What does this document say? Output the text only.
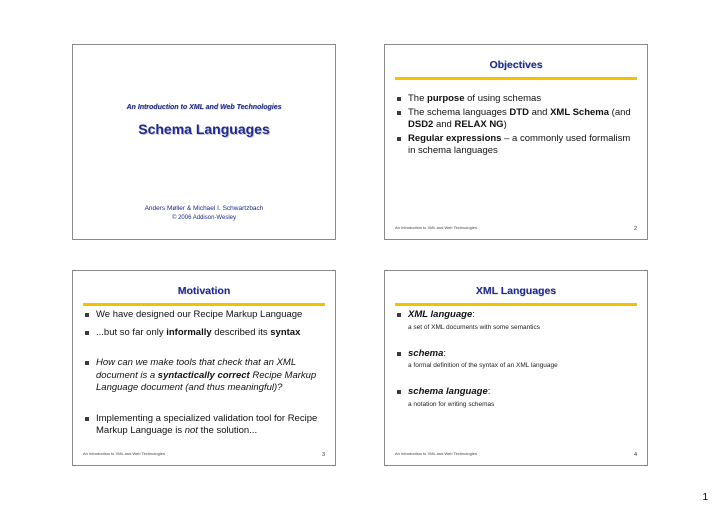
An Introduction to XML and Web Technologies
Schema Languages
Anders Møller & Michael I. Schwartzbach
© 2006 Addison-Wesley
Objectives
The purpose of using schemas
The schema languages DTD and XML Schema (and DSD2 and RELAX NG)
Regular expressions – a commonly used formalism in schema languages
An Introduction to XML and Web Technologies	2
Motivation
We have designed our Recipe Markup Language
...but so far only informally described its syntax
How can we make tools that check that an XML document is a syntactically correct Recipe Markup Language document (and thus meaningful)?
Implementing a specialized validation tool for Recipe Markup Language is not the solution...
An Introduction to XML and Web Technologies	3
XML Languages
XML language:
a set of XML documents with some semantics
schema:
a formal definition of the syntax of an XML language
schema language:
a notation for writing schemas
An Introduction to XML and Web Technologies	4
1
